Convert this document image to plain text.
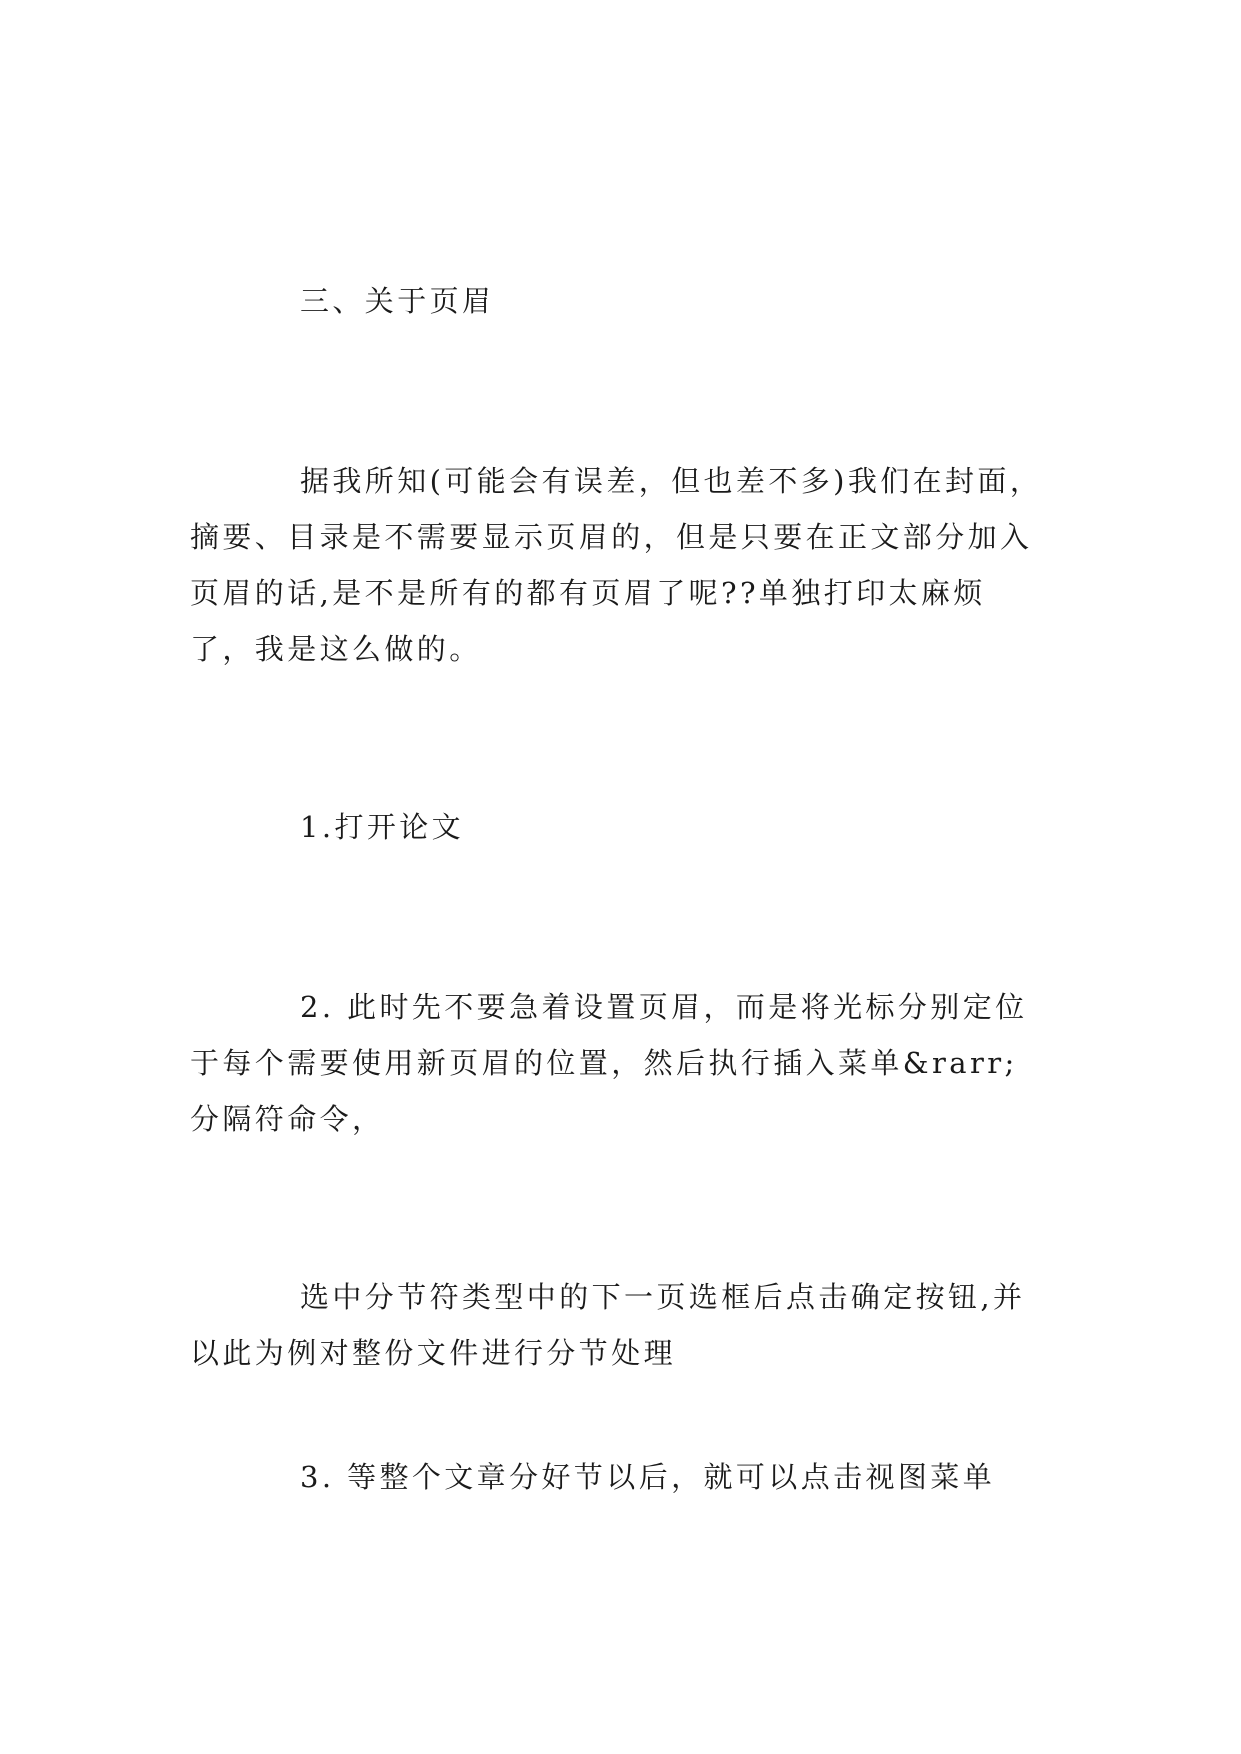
三、关于页眉

据我所知(可能会有误差，但也差不多)我们在封面，摘要、目录是不需要显示页眉的，但是只要在正文部分加入页眉的话,是不是所有的都有页眉了呢??单独打印太麻烦了，我是这么做的。

1.打开论文

2. 此时先不要急着设置页眉，而是将光标分别定位于每个需要使用新页眉的位置，然后执行插入菜单&rarr;分隔符命令，

选中分节符类型中的下一页选框后点击确定按钮,并以此为例对整份文件进行分节处理

3. 等整个文章分好节以后，就可以点击视图菜单
